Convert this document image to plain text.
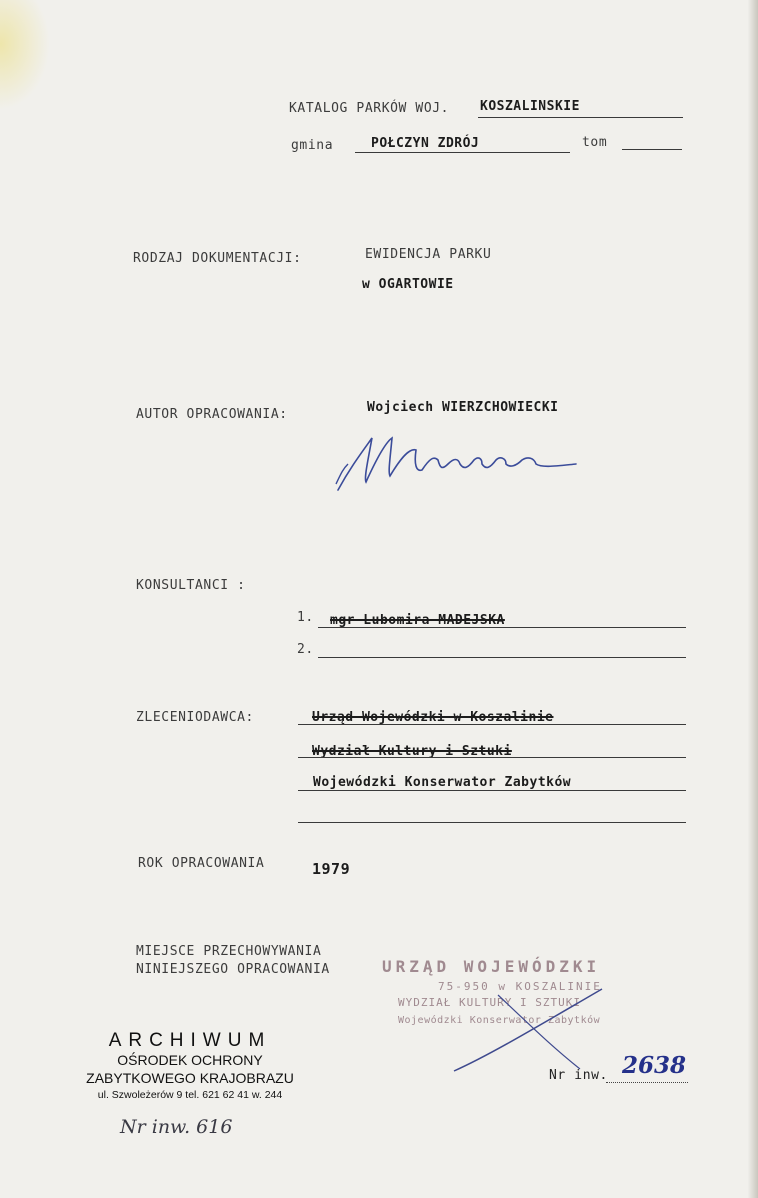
KATALOG PARKÓW WOJ. KOSZALINSKIE
gmina	POŁCZYN ZDRÓJ	tom
RODZAJ DOKUMENTACJI:	EWIDENCJA PARKU
w OGARTOWIE
AUTOR OPRACOWANIA:	Wojciech WIERZCHOWIECKI
KONSULTANCI :
1. mgr Lubomira MADEJSKA
2.
ZLECENIODAWCA:	Urząd Wojewódzki w Koszalinie
Wydział Kultury i Sztuki
Wojewódzki Konserwator Zabytków
ROK OPRACOWANIA	1979
MIEJSCE PRZECHOWYWANIA
NINIEJSZEGO OPRACOWANIA	URZĄD WOJEWÓDZKI
75-950 w KOSZALINIE
WYDZIAŁ KULTURY I SZTUKI
Wojewódzki Konserwator Zabytków
ARCHIWUM
OŚRODEK OCHRONY
ZABYTKOWEGO KRAJOBRAZU
ul. Szwoleżerów 9 tel. 621 62 41 w. 244
Nr inw. 2638
Nr inw. 616
